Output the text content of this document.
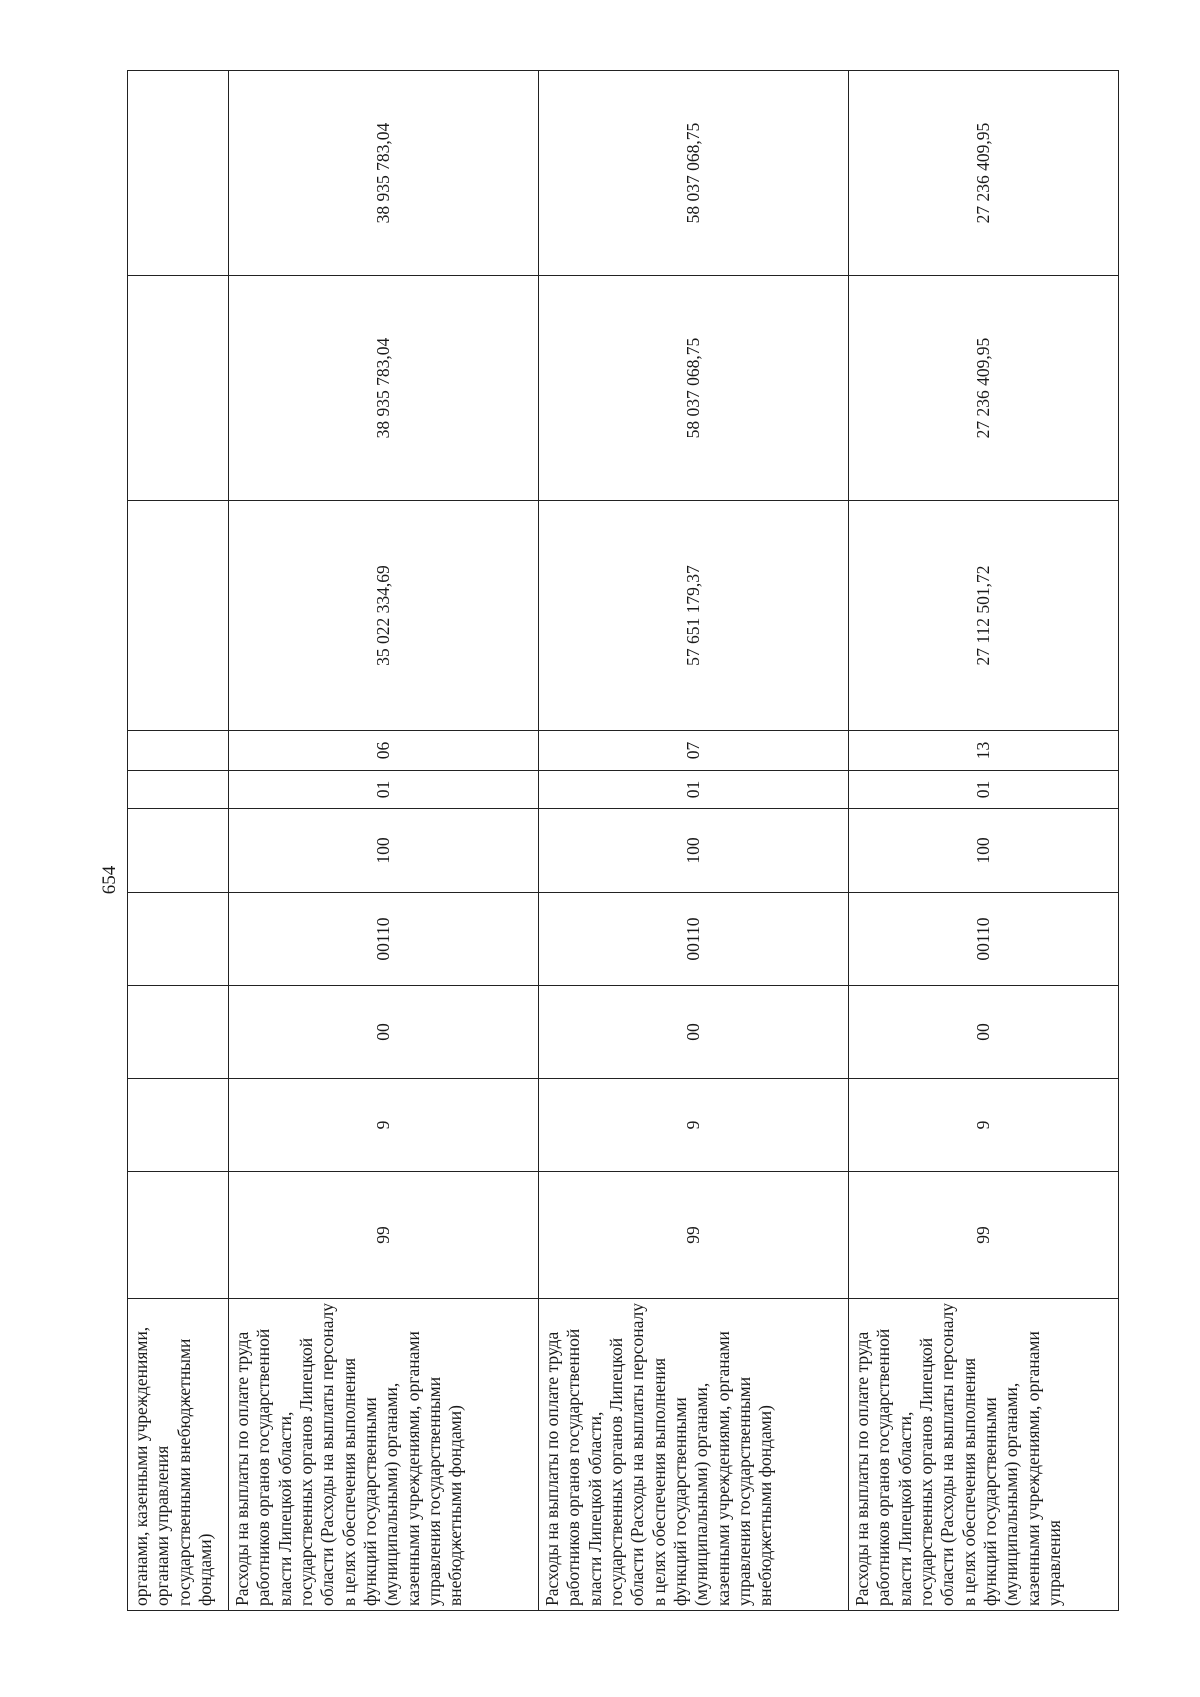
654
органами, казенными учреждениями, органами управления государственными внебюджетными фондами)										
Расходы на выплаты по оплате труда работников органов государственной власти Липецкой области, государственных органов Липецкой области (Расходы на выплаты персоналу в целях обеспечения выполнения функций государственными (муниципальными) органами, казенными учреждениями, органами управления государственными внебюджетными фондами)	99	9	00	00110	100	01	06	35 022 334,69	38 935 783,04	38 935 783,04
Расходы на выплаты по оплате труда работников органов государственной власти Липецкой области, государственных органов Липецкой области (Расходы на выплаты персоналу в целях обеспечения выполнения функций государственными (муниципальными) органами, казенными учреждениями, органами управления государственными внебюджетными фондами)	99	9	00	00110	100	01	07	57 651 179,37	58 037 068,75	58 037 068,75
Расходы на выплаты по оплате труда работников органов государственной власти Липецкой области, государственных органов Липецкой области (Расходы на выплаты персоналу в целях обеспечения выполнения функций государственными (муниципальными) органами, казенными учреждениями, органами управления	99	9	00	00110	100	01	13	27 112 501,72	27 236 409,95	27 236 409,95
